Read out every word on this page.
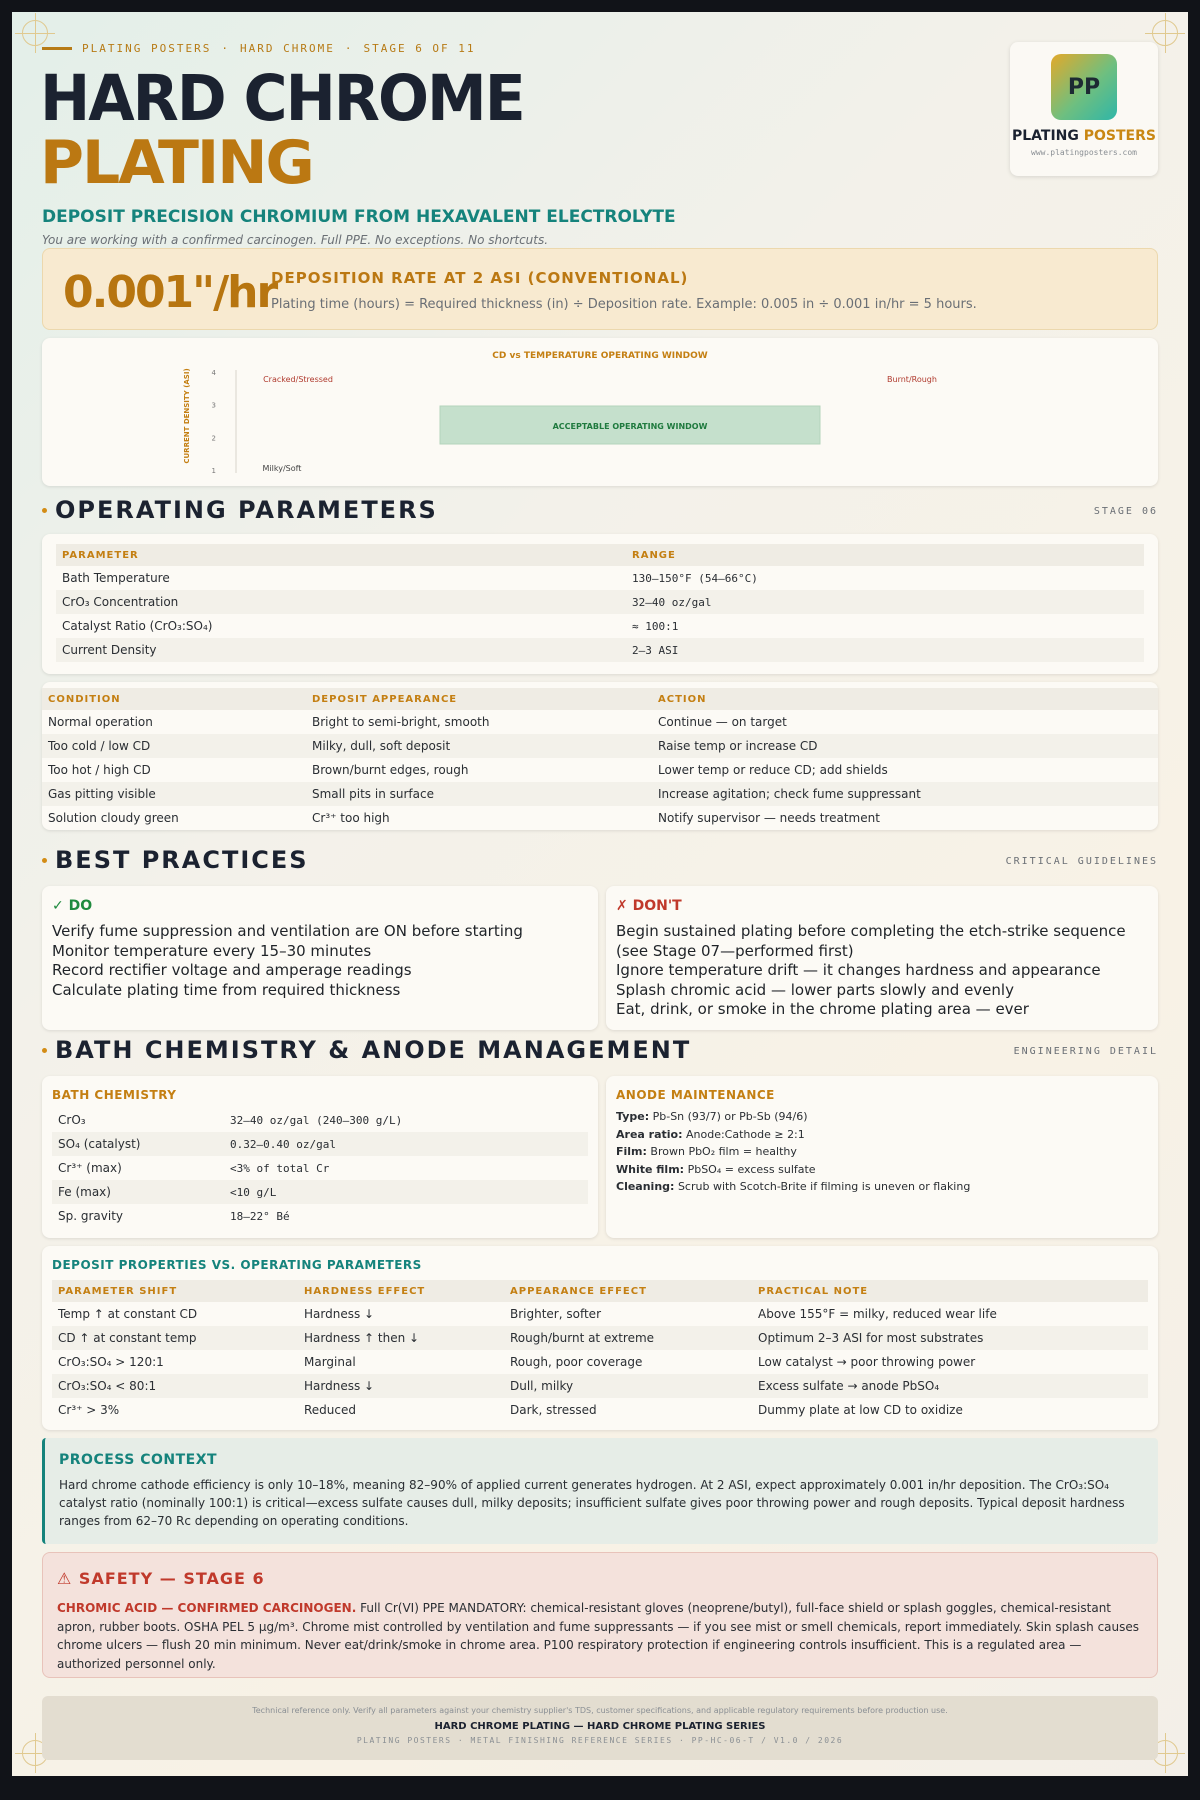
PLATING POSTERS · HARD CHROME · STAGE 6 OF 11
HARD CHROME
PLATING
DEPOSIT PRECISION CHROMIUM FROM HEXAVALENT ELECTROLYTE
You are working with a confirmed carcinogen. Full PPE. No exceptions. No shortcuts.
PP
PLATING POSTERS
www.platingposters.com
0.001"/hr
DEPOSITION RATE AT 2 ASI (CONVENTIONAL)
Plating time (hours) = Required thickness (in) ÷ Deposition rate. Example: 0.005 in ÷ 0.001 in/hr = 5 hours.
CD vs TEMPERATURE OPERATING WINDOW
CURRENT DENSITY (ASI)	4
3
2
1
ACCEPTABLE OPERATING WINDOW
Cracked/Stressed	Burnt/Rough
Milky/Soft
OPERATING PARAMETERS	STAGE 06
PARAMETER	RANGE
Bath Temperature	130–150°F (54–66°C)
CrO₃ Concentration	32–40 oz/gal
Catalyst Ratio (CrO₃:SO₄)	≈ 100:1
Current Density	2–3 ASI
CONDITION	DEPOSIT APPEARANCE	ACTION
Normal operation	Bright to semi-bright, smooth	Continue — on target
Too cold / low CD	Milky, dull, soft deposit	Raise temp or increase CD
Too hot / high CD	Brown/burnt edges, rough	Lower temp or reduce CD; add shields
Gas pitting visible	Small pits in surface	Increase agitation; check fume suppressant
Solution cloudy green	Cr³⁺ too high	Notify supervisor — needs treatment
BEST PRACTICES	CRITICAL GUIDELINES
✓ DO
Verify fume suppression and ventilation are ON before starting
Monitor temperature every 15–30 minutes
Record rectifier voltage and amperage readings
Calculate plating time from required thickness
✗ DON'T
Begin sustained plating before completing the etch-strike sequence (see Stage 07—performed first)
Ignore temperature drift — it changes hardness and appearance
Splash chromic acid — lower parts slowly and evenly
Eat, drink, or smoke in the chrome plating area — ever
BATH CHEMISTRY & ANODE MANAGEMENT	ENGINEERING DETAIL
BATH CHEMISTRY
CrO₃	32–40 oz/gal (240–300 g/L)
SO₄ (catalyst)	0.32–0.40 oz/gal
Cr³⁺ (max)	<3% of total Cr
Fe (max)	<10 g/L
Sp. gravity	18–22° Bé
ANODE MAINTENANCE
Type: Pb-Sn (93/7) or Pb-Sb (94/6)
Area ratio: Anode:Cathode ≥ 2:1
Film: Brown PbO₂ film = healthy
White film: PbSO₄ = excess sulfate
Cleaning: Scrub with Scotch-Brite if filming is uneven or flaking
DEPOSIT PROPERTIES VS. OPERATING PARAMETERS
PARAMETER SHIFT	HARDNESS EFFECT	APPEARANCE EFFECT	PRACTICAL NOTE
Temp ↑ at constant CD	Hardness ↓	Brighter, softer	Above 155°F = milky, reduced wear life
CD ↑ at constant temp	Hardness ↑ then ↓	Rough/burnt at extreme	Optimum 2–3 ASI for most substrates
CrO₃:SO₄ > 120:1	Marginal	Rough, poor coverage	Low catalyst → poor throwing power
CrO₃:SO₄ < 80:1	Hardness ↓	Dull, milky	Excess sulfate → anode PbSO₄
Cr³⁺ > 3%	Reduced	Dark, stressed	Dummy plate at low CD to oxidize
PROCESS CONTEXT
Hard chrome cathode efficiency is only 10–18%, meaning 82–90% of applied current generates hydrogen. At 2 ASI, expect approximately 0.001 in/hr deposition. The CrO₃:SO₄ catalyst ratio (nominally 100:1) is critical—excess sulfate causes dull, milky deposits; insufficient sulfate gives poor throwing power and rough deposits. Typical deposit hardness ranges from 62–70 Rc depending on operating conditions.
⚠ SAFETY — STAGE 6
CHROMIC ACID — CONFIRMED CARCINOGEN. Full Cr(VI) PPE MANDATORY: chemical-resistant gloves (neoprene/butyl), full-face shield or splash goggles, chemical-resistant apron, rubber boots. OSHA PEL 5 µg/m³. Chrome mist controlled by ventilation and fume suppressants — if you see mist or smell chemicals, report immediately. Skin splash causes chrome ulcers — flush 20 min minimum. Never eat/drink/smoke in chrome area. P100 respiratory protection if engineering controls insufficient. This is a regulated area — authorized personnel only.
Technical reference only. Verify all parameters against your chemistry supplier's TDS, customer specifications, and applicable regulatory requirements before production use.
HARD CHROME PLATING — HARD CHROME PLATING SERIES
PLATING POSTERS · METAL FINISHING REFERENCE SERIES · PP-HC-06-T / V1.0 / 2026
